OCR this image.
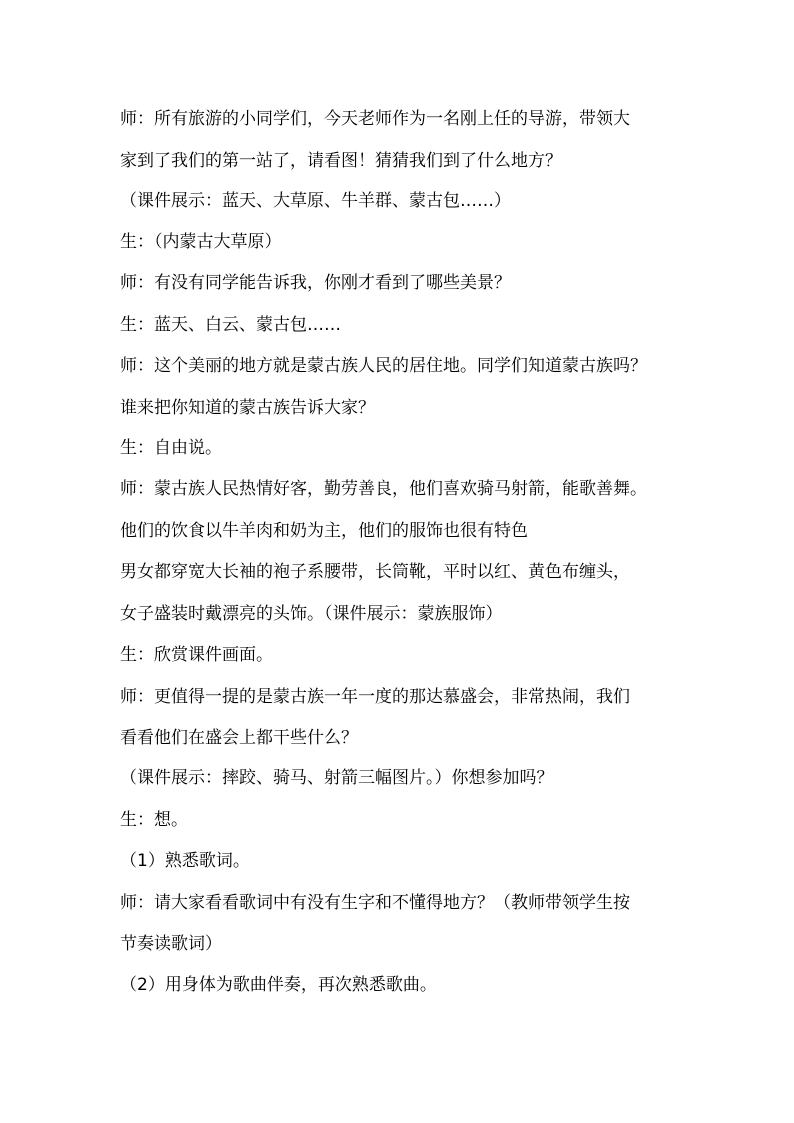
师：所有旅游的小同学们，今天老师作为一名刚上任的导游，带领大
家到了我们的第一站了，请看图！猜猜我们到了什么地方？
（课件展示：蓝天、大草原、牛羊群、蒙古包……）
生：（内蒙古大草原）
师：有没有同学能告诉我，你刚才看到了哪些美景？
生：蓝天、白云、蒙古包……
师：这个美丽的地方就是蒙古族人民的居住地。同学们知道蒙古族吗？
谁来把你知道的蒙古族告诉大家？
生：自由说。
师：蒙古族人民热情好客，勤劳善良，他们喜欢骑马射箭，能歌善舞。
他们的饮食以牛羊肉和奶为主，他们的服饰也很有特色
男女都穿宽大长袖的袍子系腰带，长筒靴，平时以红、黄色布缠头，
女子盛装时戴漂亮的头饰。（课件展示：蒙族服饰）
生：欣赏课件画面。
师：更值得一提的是蒙古族一年一度的那达慕盛会，非常热闹，我们
看看他们在盛会上都干些什么？
（课件展示：摔跤、骑马、射箭三幅图片。）你想参加吗？
生：想。
（1）熟悉歌词。
师：请大家看看歌词中有没有生字和不懂得地方？（教师带领学生按
节奏读歌词）
（2）用身体为歌曲伴奏，再次熟悉歌曲。
